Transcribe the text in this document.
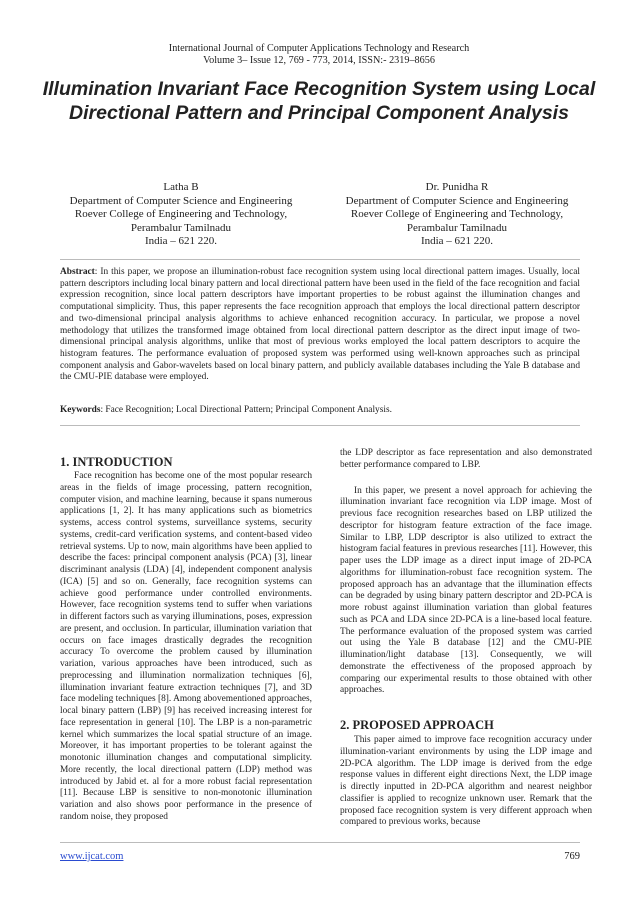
International Journal of Computer Applications Technology and Research
Volume 3– Issue 12, 769 - 773, 2014, ISSN:- 2319–8656
Illumination Invariant Face Recognition System using Local Directional Pattern and Principal Component Analysis
Latha B
Department of Computer Science and Engineering
Roever College of Engineering and Technology,
Perambalur Tamilnadu
India – 621 220.
Dr. Punidha R
Department of Computer Science and Engineering
Roever College of Engineering and Technology,
Perambalur Tamilnadu
India – 621 220.

Abstract: In this paper, we propose an illumination-robust face recognition system using local directional pattern images. Usually, local pattern descriptors including local binary pattern and local directional pattern have been used in the field of the face recognition and facial expression recognition, since local pattern descriptors have important properties to be robust against the illumination changes and computational simplicity. Thus, this paper represents the face recognition approach that employs the local directional pattern descriptor and two-dimensional principal analysis algorithms to achieve enhanced recognition accuracy. In particular, we propose a novel methodology that utilizes the transformed image obtained from local directional pattern descriptor as the direct input image of two-dimensional principal analysis algorithms, unlike that most of previous works employed the local pattern descriptors to acquire the histogram features. The performance evaluation of proposed system was performed using well-known approaches such as principal component analysis and Gabor-wavelets based on local binary pattern, and publicly available databases including the Yale B database and the CMU-PIE database were employed.

Keywords: Face Recognition; Local Directional Pattern; Principal Component Analysis.

1. INTRODUCTION

Face recognition has become one of the most popular research areas in the fields of image processing, pattern recognition, computer vision, and machine learning, because it spans numerous applications [1, 2]. It has many applications such as biometrics systems, access control systems, surveillance systems, security systems, credit-card verification systems, and content-based video retrieval systems. Up to now, main algorithms have been applied to describe the faces: principal component analysis (PCA) [3], linear discriminant analysis (LDA) [4], independent component analysis (ICA) [5] and so on. Generally, face recognition systems can achieve good performance under controlled environments. However, face recognition systems tend to suffer when variations in different factors such as varying illuminations, poses, expression are present, and occlusion. In particular, illumination variation that occurs on face images drastically degrades the recognition accuracy To overcome the problem caused by illumination variation, various approaches have been introduced, such as preprocessing and illumination normalization techniques [6], illumination invariant feature extraction techniques [7], and 3D face modeling techniques [8]. Among abovementioned approaches, local binary pattern (LBP) [9] has received increasing interest for face representation in general [10]. The LBP is a non-parametric kernel which summarizes the local spatial structure of an image. Moreover, it has important properties to be tolerant against the monotonic illumination changes and computational simplicity. More recently, the local directional pattern (LDP) method was introduced by Jabid et. al for a more robust facial representation [11]. Because LBP is sensitive to non-monotonic illumination variation and also shows poor performance in the presence of random noise, they proposed

the LDP descriptor as face representation and also demonstrated better performance compared to LBP.

In this paper, we present a novel approach for achieving the illumination invariant face recognition via LDP image. Most of previous face recognition researches based on LBP utilized the descriptor for histogram feature extraction of the face image. Similar to LBP, LDP descriptor is also utilized to extract the histogram facial features in previous researches [11]. However, this paper uses the LDP image as a direct input image of 2D-PCA algorithms for illumination-robust face recognition system. The proposed approach has an advantage that the illumination effects can be degraded by using binary pattern descriptor and 2D-PCA is more robust against illumination variation than global features such as PCA and LDA since 2D-PCA is a line-based local feature. The performance evaluation of the proposed system was carried out using the Yale B database [12] and the CMU-PIE illumination/light database [13]. Consequently, we will demonstrate the effectiveness of the proposed approach by comparing our experimental results to those obtained with other approaches.

2. PROPOSED APPROACH

This paper aimed to improve face recognition accuracy under illumination-variant environments by using the LDP image and 2D-PCA algorithm. The LDP image is derived from the edge response values in different eight directions Next, the LDP image is directly inputted in 2D-PCA algorithm and nearest neighbor classifier is applied to recognize unknown user. Remark that the proposed face recognition system is very different approach when compared to previous works, because

www.ijcat.com	769
